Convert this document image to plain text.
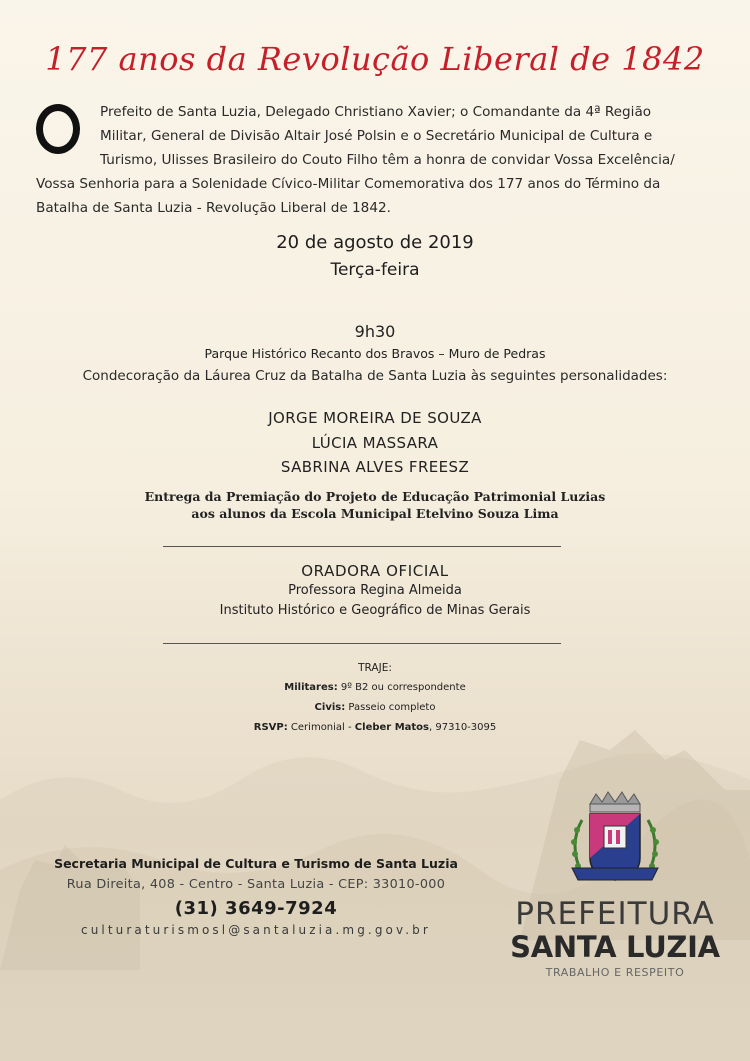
177 anos da Revolução Liberal de 1842
Prefeito de Santa Luzia, Delegado Christiano Xavier; o Comandante da 4ª Região
Militar, General de Divisão Altair José Polsin e o Secretário Municipal de Cultura e
Turismo, Ulisses Brasileiro do Couto Filho têm a honra de convidar Vossa Excelência/
Vossa Senhoria para a Solenidade Cívico-Militar Comemorativa dos 177 anos do Término da
Batalha de Santa Luzia - Revolução Liberal de 1842.
20 de agosto de 2019
Terça-feira
9h30
Parque Histórico Recanto dos Bravos – Muro de Pedras
Condecoração da Láurea Cruz da Batalha de Santa Luzia às seguintes personalidades:
JORGE MOREIRA DE SOUZA
LÚCIA MASSARA
SABRINA ALVES FREESZ
Entrega da Premiação do Projeto de Educação Patrimonial Luzias
aos alunos da Escola Municipal Etelvino Souza Lima
ORADORA OFICIAL
Professora Regina Almeida
Instituto Histórico e Geográfico de Minas Gerais
TRAJE:
Militares: 9º B2 ou correspondente
Civis: Passeio completo
RSVP: Cerimonial - Cleber Matos, 97310-3095
Secretaria Municipal de Cultura e Turismo de Santa Luzia
Rua Direita, 408 - Centro - Santa Luzia - CEP: 33010-000
(31) 3649-7924
culturaturismosl@santaluzia.mg.gov.br	PREFEITURA
SANTA LUZIA
TRABALHO E RESPEITO
